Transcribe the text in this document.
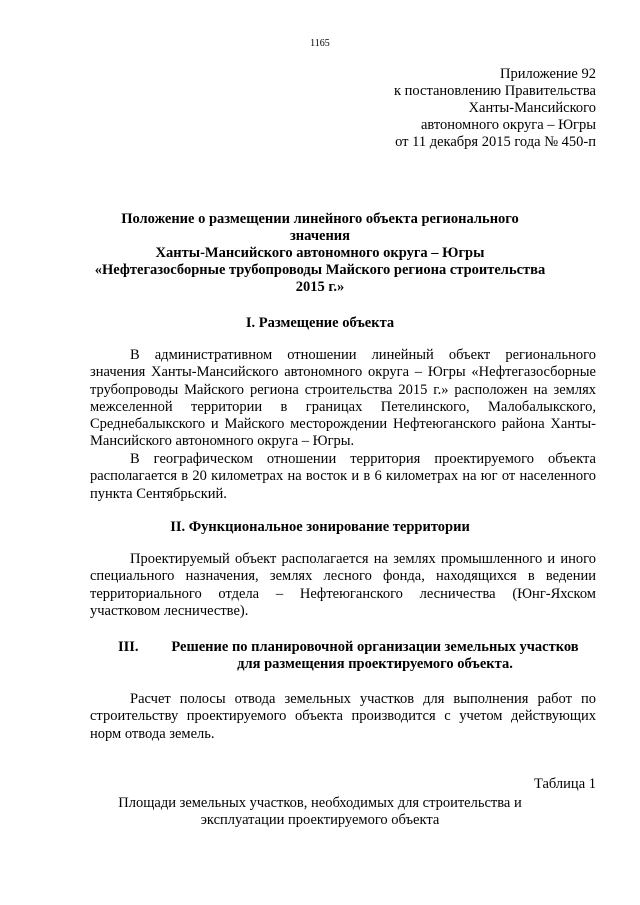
1165
Приложение 92
к постановлению Правительства
Ханты-Мансийского
автономного округа – Югры
от 11 декабря 2015 года № 450-п
Положение о размещении линейного объекта регионального значения
Ханты-Мансийского автономного округа – Югры
«Нефтегазосборные трубопроводы Майского региона строительства
2015 г.»
I. Размещение объекта

В административном отношении линейный объект регионального значения Ханты-Мансийского автономного округа – Югры «Нефтегазосборные трубопроводы Майского региона строительства 2015 г.» расположен на землях межселенной территории в границах Петелинского, Малобалыкского, Среднебалыкского и Майского месторождении Нефтеюганского района Ханты-Мансийского автономного округа – Югры.

В географическом отношении территория проектируемого объекта располагается в 20 километрах на восток и в 6 километрах на юг от населенного пункта Сентябрьский.

II. Функциональное зонирование территории

Проектируемый объект располагается на землях промышленного и иного специального назначения, землях лесного фонда, находящихся в ведении территориального отдела – Нефтеюганского лесничества (Юнг-Яхском участковом лесничестве).

III.	Решение по планировочной организации земельных участков
для размещения проектируемого объекта.

Расчет полосы отвода земельных участков для выполнения работ по строительству проектируемого объекта производится с учетом действующих норм отвода земель.

Таблица 1
Площади земельных участков, необходимых для строительства и
эксплуатации проектируемого объекта
